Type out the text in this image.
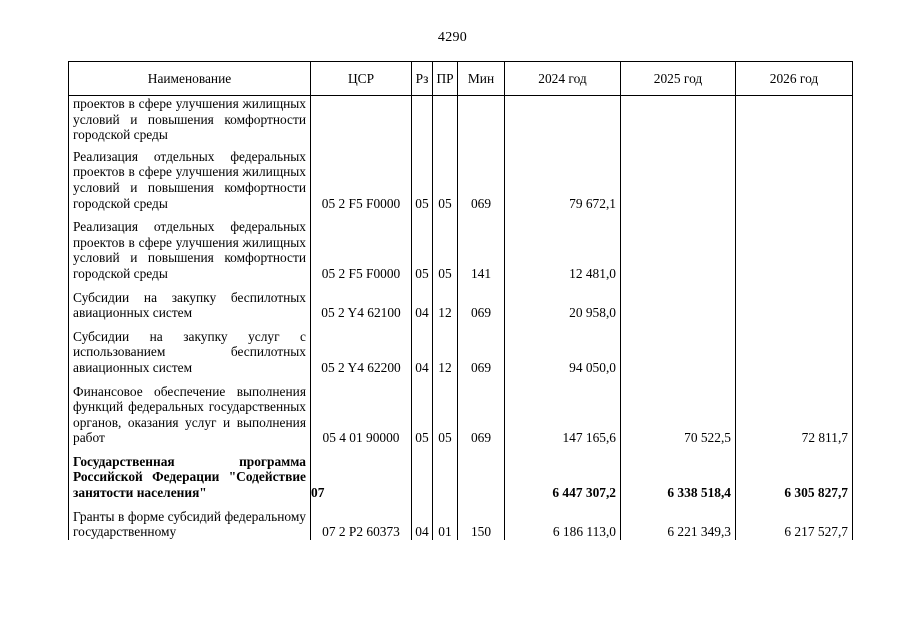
4290
Наименование	ЦСР	Рз	ПР	Мин	2024 год	2025 год	2026 год
проектов в сфере улучшения жилищных условий и повышения комфортности городской среды							
Реализация отдельных федеральных проектов в сфере улучшения жилищных условий и повышения комфортности городской среды	05 2 F5 F0000	05	05	069	79 672,1		
Реализация отдельных федеральных проектов в сфере улучшения жилищных условий и повышения комфортности городской среды	05 2 F5 F0000	05	05	141	12 481,0		
Субсидии на закупку беспилотных авиационных систем	05 2 Y4 62100	04	12	069	20 958,0		
Субсидии на закупку услуг с использованием беспилотных авиационных систем	05 2 Y4 62200	04	12	069	94 050,0		
Финансовое обеспечение выполнения функций федеральных государственных органов, оказания услуг и выполнения работ	05 4 01 90000	05	05	069	147 165,6	70 522,5	72 811,7
Государственная программа Российской Федерации "Содействие занятости населения"	07				6 447 307,2	6 338 518,4	6 305 827,7
Гранты в форме субсидий федеральному государственному	07 2 P2 60373	04	01	150	6 186 113,0	6 221 349,3	6 217 527,7
